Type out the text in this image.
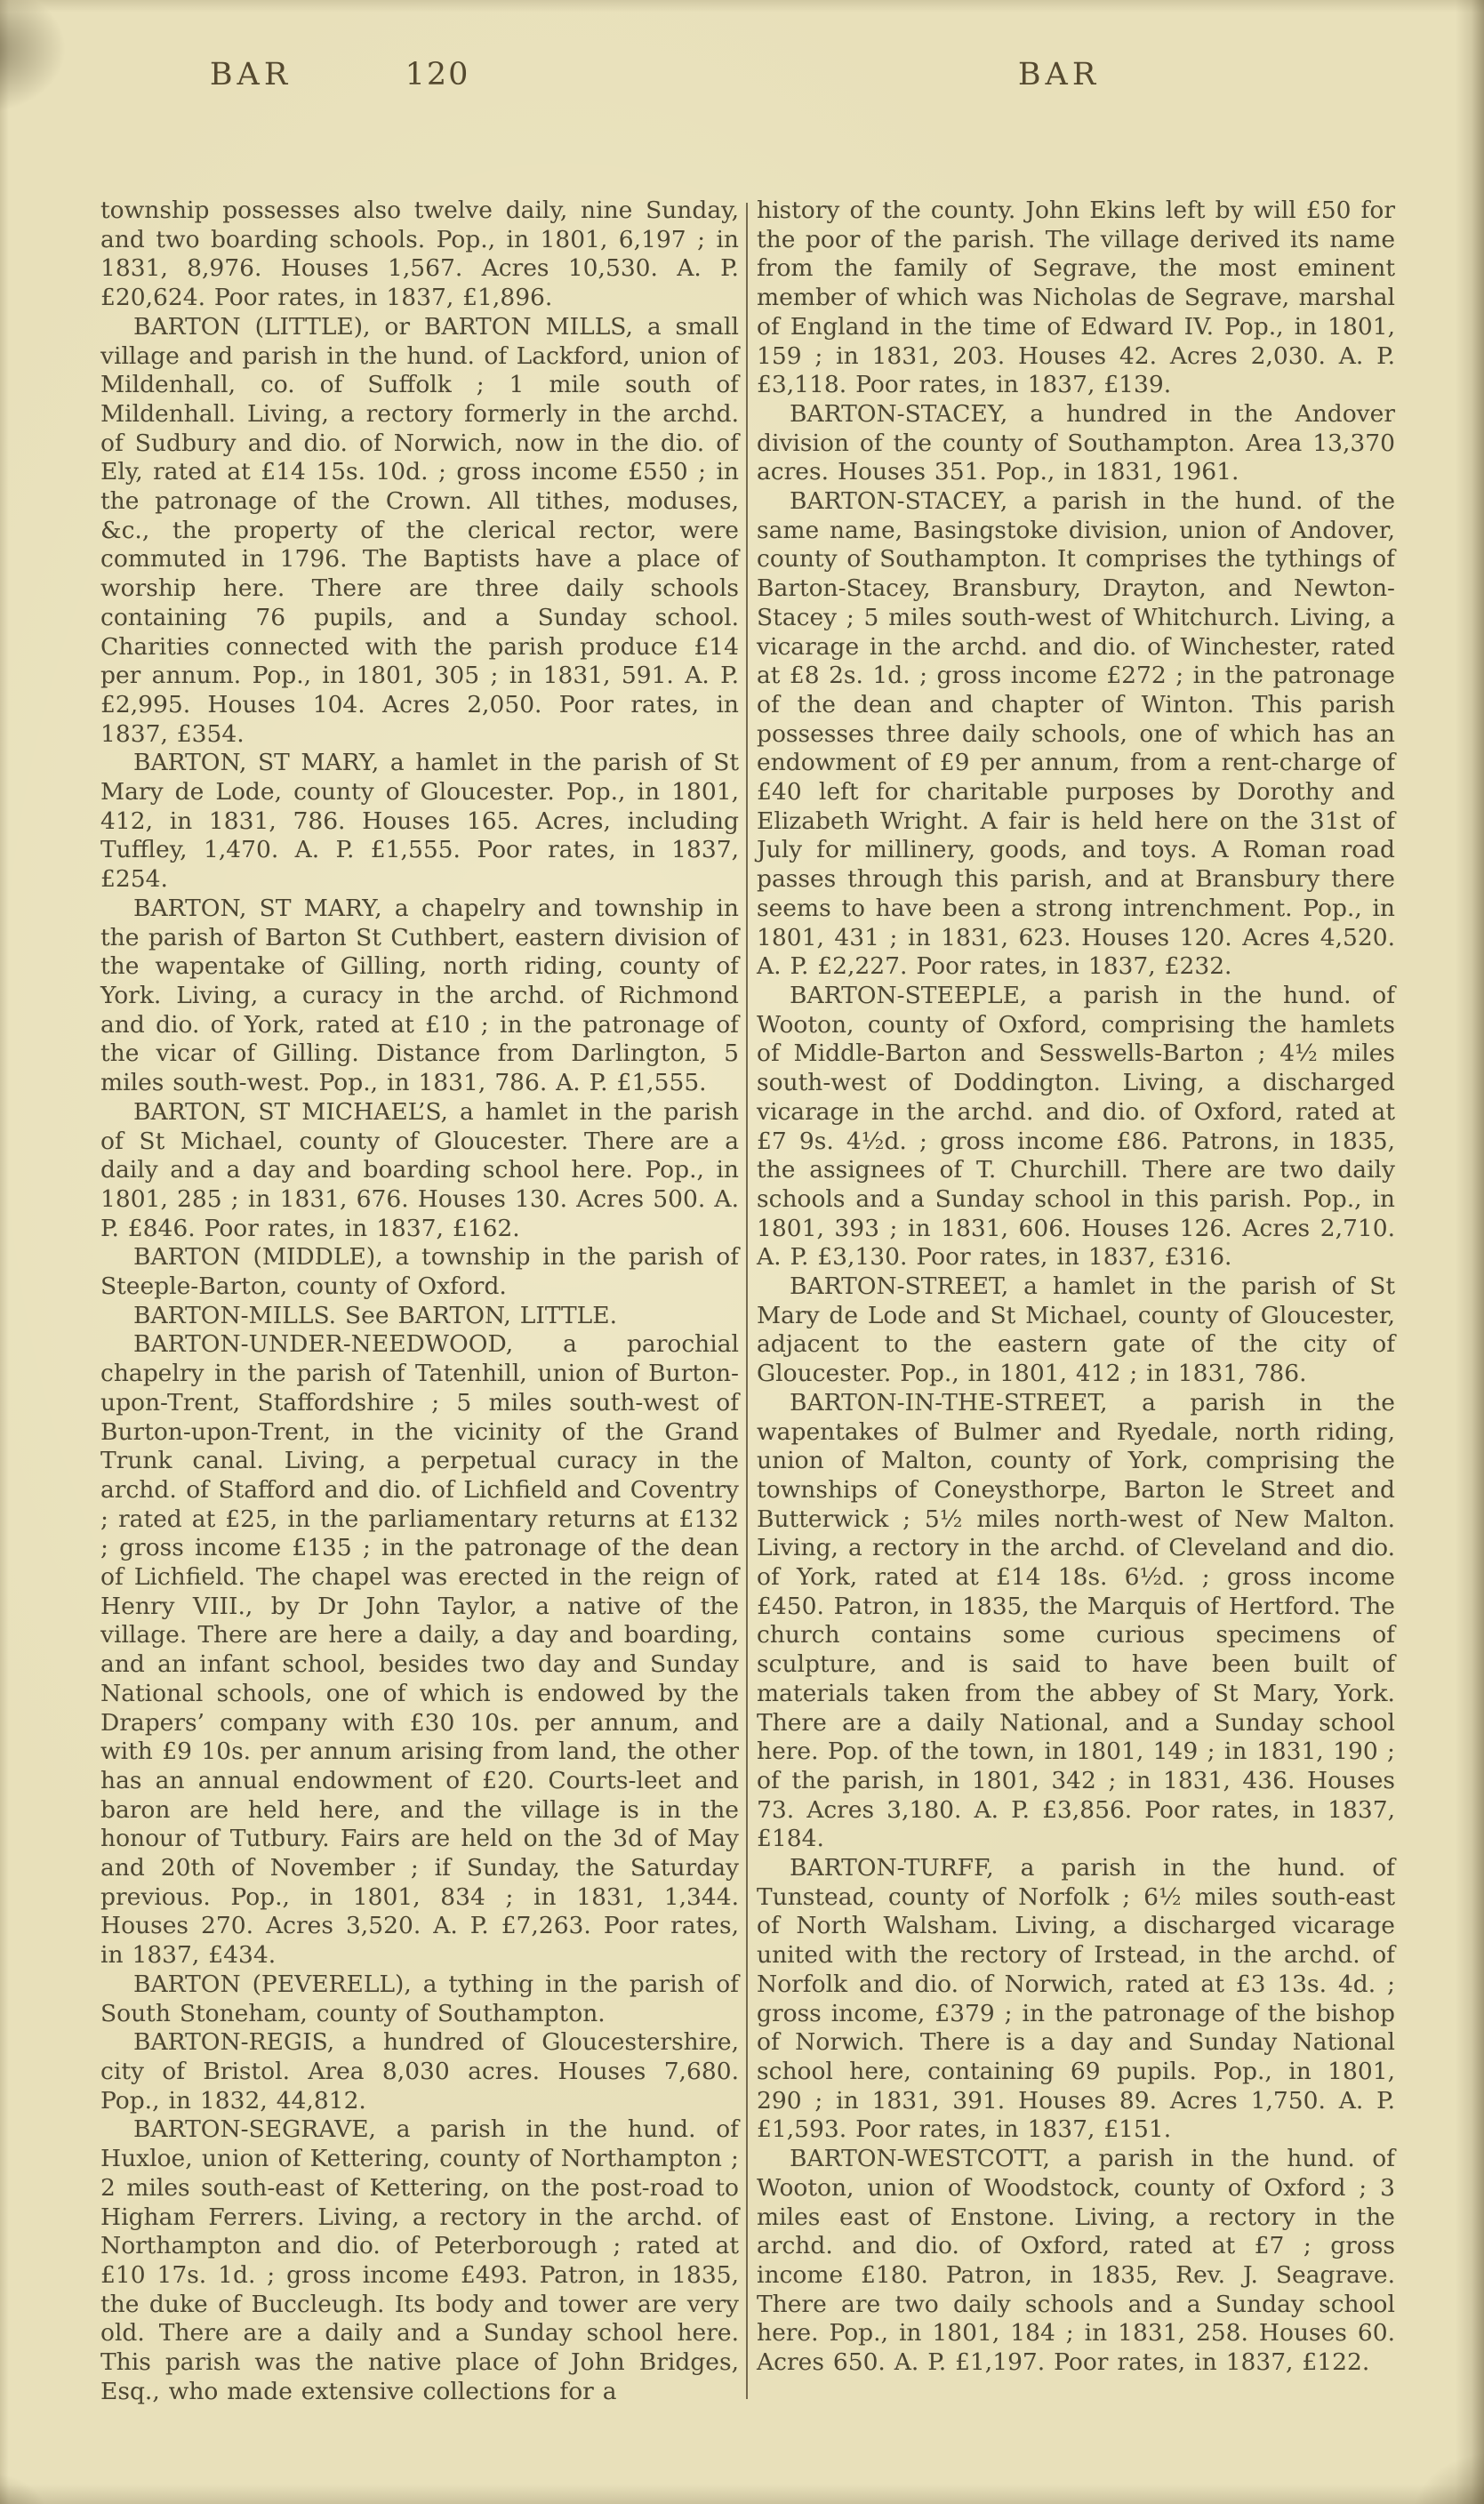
BAR	120	BAR

township possesses also twelve daily, nine Sunday, and two boarding schools. Pop., in 1801, 6,197 ; in 1831, 8,976. Houses 1,567. Acres 10,530. A. P. £20,624. Poor rates, in 1837, £1,896.

BARTON (LITTLE), or BARTON MILLS, a small village and parish in the hund. of Lackford, union of Mildenhall, co. of Suffolk ; 1 mile south of Mildenhall. Living, a rectory formerly in the archd. of Sudbury and dio. of Norwich, now in the dio. of Ely, rated at £14 15s. 10d. ; gross income £550 ; in the patronage of the Crown. All tithes, moduses, &c., the property of the clerical rector, were commuted in 1796. The Baptists have a place of worship here. There are three daily schools containing 76 pupils, and a Sunday school. Charities connected with the parish produce £14 per annum. Pop., in 1801, 305 ; in 1831, 591. A. P. £2,995. Houses 104. Acres 2,050. Poor rates, in 1837, £354.

BARTON, ST MARY, a hamlet in the parish of St Mary de Lode, county of Gloucester. Pop., in 1801, 412, in 1831, 786. Houses 165. Acres, including Tuffley, 1,470. A. P. £1,555. Poor rates, in 1837, £254.

BARTON, ST MARY, a chapelry and township in the parish of Barton St Cuthbert, eastern division of the wapentake of Gilling, north riding, county of York. Living, a curacy in the archd. of Richmond and dio. of York, rated at £10 ; in the patronage of the vicar of Gilling. Distance from Darlington, 5 miles south-west. Pop., in 1831, 786. A. P. £1,555.

BARTON, ST MICHAEL’S, a hamlet in the parish of St Michael, county of Gloucester. There are a daily and a day and boarding school here. Pop., in 1801, 285 ; in 1831, 676. Houses 130. Acres 500. A. P. £846. Poor rates, in 1837, £162.

BARTON (MIDDLE), a township in the parish of Steeple-Barton, county of Oxford.

BARTON-MILLS. See BARTON, LITTLE.

BARTON-UNDER-NEEDWOOD, a parochial chapelry in the parish of Tatenhill, union of Burton-upon-Trent, Staffordshire ; 5 miles south-west of Burton-upon-Trent, in the vicinity of the Grand Trunk canal. Living, a perpetual curacy in the archd. of Stafford and dio. of Lichfield and Coventry ; rated at £25, in the parliamentary returns at £132 ; gross income £135 ; in the patronage of the dean of Lichfield. The chapel was erected in the reign of Henry VIII., by Dr John Taylor, a native of the village. There are here a daily, a day and boarding, and an infant school, besides two day and Sunday National schools, one of which is endowed by the Drapers’ company with £30 10s. per annum, and with £9 10s. per annum arising from land, the other has an annual endowment of £20. Courts-leet and baron are held here, and the village is in the honour of Tutbury. Fairs are held on the 3d of May and 20th of November ; if Sunday, the Saturday previous. Pop., in 1801, 834 ; in 1831, 1,344. Houses 270. Acres 3,520. A. P. £7,263. Poor rates, in 1837, £434.

BARTON (PEVERELL), a tything in the parish of South Stoneham, county of Southampton.

BARTON-REGIS, a hundred of Gloucestershire, city of Bristol. Area 8,030 acres. Houses 7,680. Pop., in 1832, 44,812.

BARTON-SEGRAVE, a parish in the hund. of Huxloe, union of Kettering, county of Northampton ; 2 miles south-east of Kettering, on the post-road to Higham Ferrers. Living, a rectory in the archd. of Northampton and dio. of Peterborough ; rated at £10 17s. 1d. ; gross income £493. Patron, in 1835, the duke of Buccleugh. Its body and tower are very old. There are a daily and a Sunday school here. This parish was the native place of John Bridges, Esq., who made extensive collections for a

history of the county. John Ekins left by will £50 for the poor of the parish. The village derived its name from the family of Segrave, the most eminent member of which was Nicholas de Segrave, marshal of England in the time of Edward IV. Pop., in 1801, 159 ; in 1831, 203. Houses 42. Acres 2,030. A. P. £3,118. Poor rates, in 1837, £139.

BARTON-STACEY, a hundred in the Andover division of the county of Southampton. Area 13,370 acres. Houses 351. Pop., in 1831, 1961.

BARTON-STACEY, a parish in the hund. of the same name, Basingstoke division, union of Andover, county of Southampton. It comprises the tythings of Barton-Stacey, Bransbury, Drayton, and Newton-Stacey ; 5 miles south-west of Whitchurch. Living, a vicarage in the archd. and dio. of Winchester, rated at £8 2s. 1d. ; gross income £272 ; in the patronage of the dean and chapter of Winton. This parish possesses three daily schools, one of which has an endowment of £9 per annum, from a rent-charge of £40 left for charitable purposes by Dorothy and Elizabeth Wright. A fair is held here on the 31st of July for millinery, goods, and toys. A Roman road passes through this parish, and at Bransbury there seems to have been a strong intrenchment. Pop., in 1801, 431 ; in 1831, 623. Houses 120. Acres 4,520. A. P. £2,227. Poor rates, in 1837, £232.

BARTON-STEEPLE, a parish in the hund. of Wooton, county of Oxford, comprising the hamlets of Middle-Barton and Sesswells-Barton ; 4½ miles south-west of Doddington. Living, a discharged vicarage in the archd. and dio. of Oxford, rated at £7 9s. 4½d. ; gross income £86. Patrons, in 1835, the assignees of T. Churchill. There are two daily schools and a Sunday school in this parish. Pop., in 1801, 393 ; in 1831, 606. Houses 126. Acres 2,710. A. P. £3,130. Poor rates, in 1837, £316.

BARTON-STREET, a hamlet in the parish of St Mary de Lode and St Michael, county of Gloucester, adjacent to the eastern gate of the city of Gloucester. Pop., in 1801, 412 ; in 1831, 786.

BARTON-IN-THE-STREET, a parish in the wapentakes of Bulmer and Ryedale, north riding, union of Malton, county of York, comprising the townships of Coneysthorpe, Barton le Street and Butterwick ; 5½ miles north-west of New Malton. Living, a rectory in the archd. of Cleveland and dio. of York, rated at £14 18s. 6½d. ; gross income £450. Patron, in 1835, the Marquis of Hertford. The church contains some curious specimens of sculpture, and is said to have been built of materials taken from the abbey of St Mary, York. There are a daily National, and a Sunday school here. Pop. of the town, in 1801, 149 ; in 1831, 190 ; of the parish, in 1801, 342 ; in 1831, 436. Houses 73. Acres 3,180. A. P. £3,856. Poor rates, in 1837, £184.

BARTON-TURFF, a parish in the hund. of Tunstead, county of Norfolk ; 6½ miles south-east of North Walsham. Living, a discharged vicarage united with the rectory of Irstead, in the archd. of Norfolk and dio. of Norwich, rated at £3 13s. 4d. ; gross income, £379 ; in the patronage of the bishop of Norwich. There is a day and Sunday National school here, containing 69 pupils. Pop., in 1801, 290 ; in 1831, 391. Houses 89. Acres 1,750. A. P. £1,593. Poor rates, in 1837, £151.

BARTON-WESTCOTT, a parish in the hund. of Wooton, union of Woodstock, county of Oxford ; 3 miles east of Enstone. Living, a rectory in the archd. and dio. of Oxford, rated at £7 ; gross income £180. Patron, in 1835, Rev. J. Seagrave. There are two daily schools and a Sunday school here. Pop., in 1801, 184 ; in 1831, 258. Houses 60. Acres 650. A. P. £1,197. Poor rates, in 1837, £122.
